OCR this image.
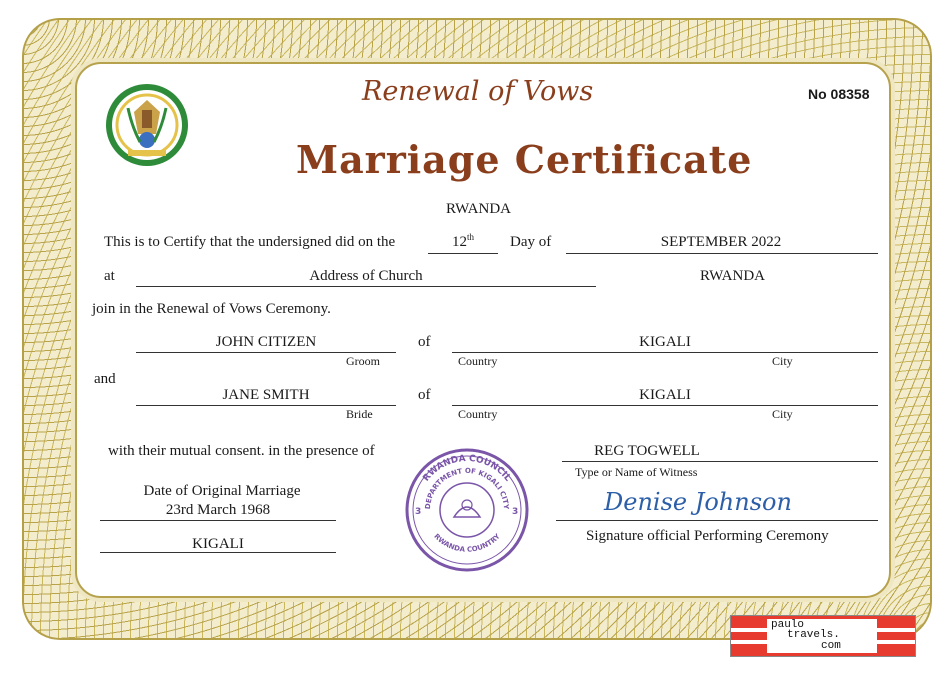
Renewal of Vows
Marriage Certificate
No 08358
RWANDA
This is to Certify that the undersigned did on the	12th	Day of	SEPTEMBER 2022
at	Address of Church	RWANDA
join in the Renewal of Vows Ceremony.
JOHN CITIZEN
Groom
of	KIGALI
Country	City
and
JANE SMITH
Bride
of	KIGALI
Country	City
with their mutual consent. in the presence of	REG TOGWELL
Type or Name of Witness
Date of Original Marriage
23rd March 1968
KIGALI
RWANDA COUNCIL
DEPARTMENT OF KIGALI CITY
RWANDA COUNTRY
3	3	Denise Johnson
Signature official Performing Ceremony
paulo
travels.
com
